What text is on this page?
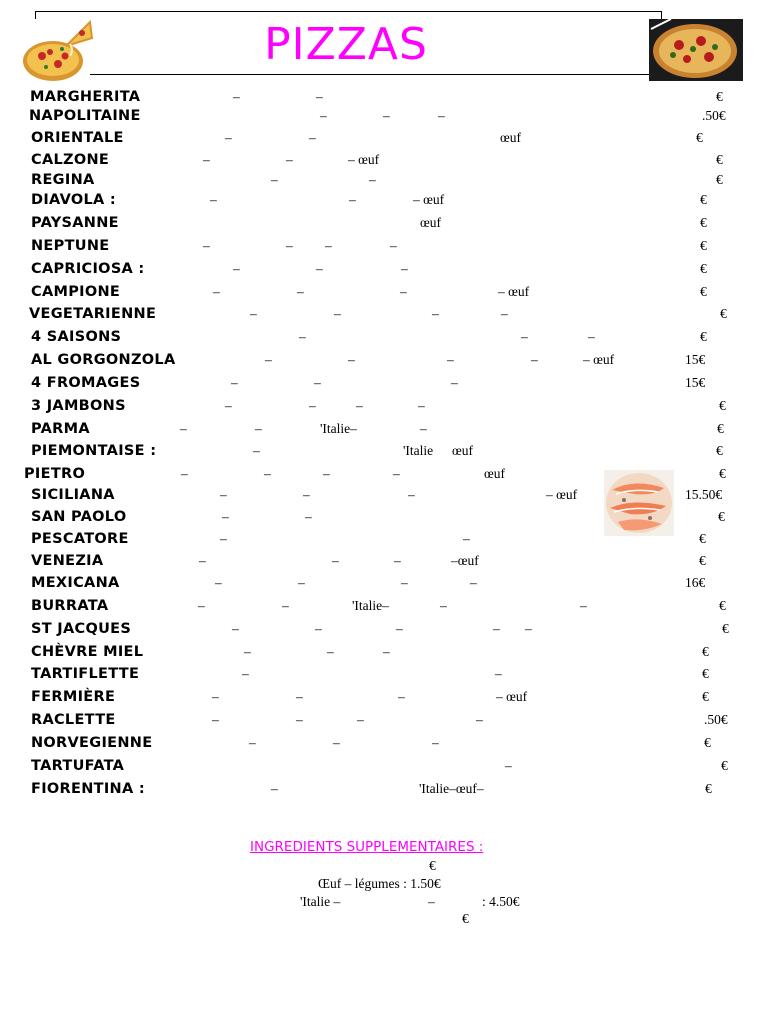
PIZZAS
MARGHERITA	–	–	€
NAPOLITAINE	–	–	–	.50€
ORIENTALE	–	–	œuf	€
CALZONE	–	–	– œuf	€
REGINA	–	–	€
DIAVOLA :	–	–	– œuf	€
PAYSANNE	œuf	€
NEPTUNE	–	– –	–	€
CAPRICIOSA :	–	–	–	€
CAMPIONE	–	–	–	– œuf	€
VEGETARIENNE	–	–	–	–	€
4 SAISONS	–	–	–	€
AL GORGONZOLA	–	–	–	–	– œuf	15€
4 FROMAGES	–	–	–	15€
3 JAMBONS	–	–	–	–	€
PARMA	–	–	'Italie–	–	€
PIEMONTAISE :	–	'Italie œuf	€
PIETRO	–	–	–	–	œuf	€
SICILIANA	–	–	–	– œuf	15.50€
SAN PAOLO	–	–	€
PESCATORE	–	–	€
VENEZIA	–	–	–	–œuf	€
MEXICANA	–	–	–	–	16€
BURRATA	–	–	'Italie–	–	–	€
ST JACQUES	–	–	–	– –	€
CHÈVRE MIEL	–	–	–	€
TARTIFLETTE	–	–	€
FERMIÈRE	–	–	–	– œuf	€
RACLETTE	–	–	–	–	.50€
NORVEGIENNE	–	–	–	€
TARTUFATA	–	€
FIORENTINA :	–	'Italie–œuf–	€
INGREDIENTS SUPPLEMENTAIRES :
€
Œuf – légumes : 1.50€
'Italie –	–	: 4.50€
€
